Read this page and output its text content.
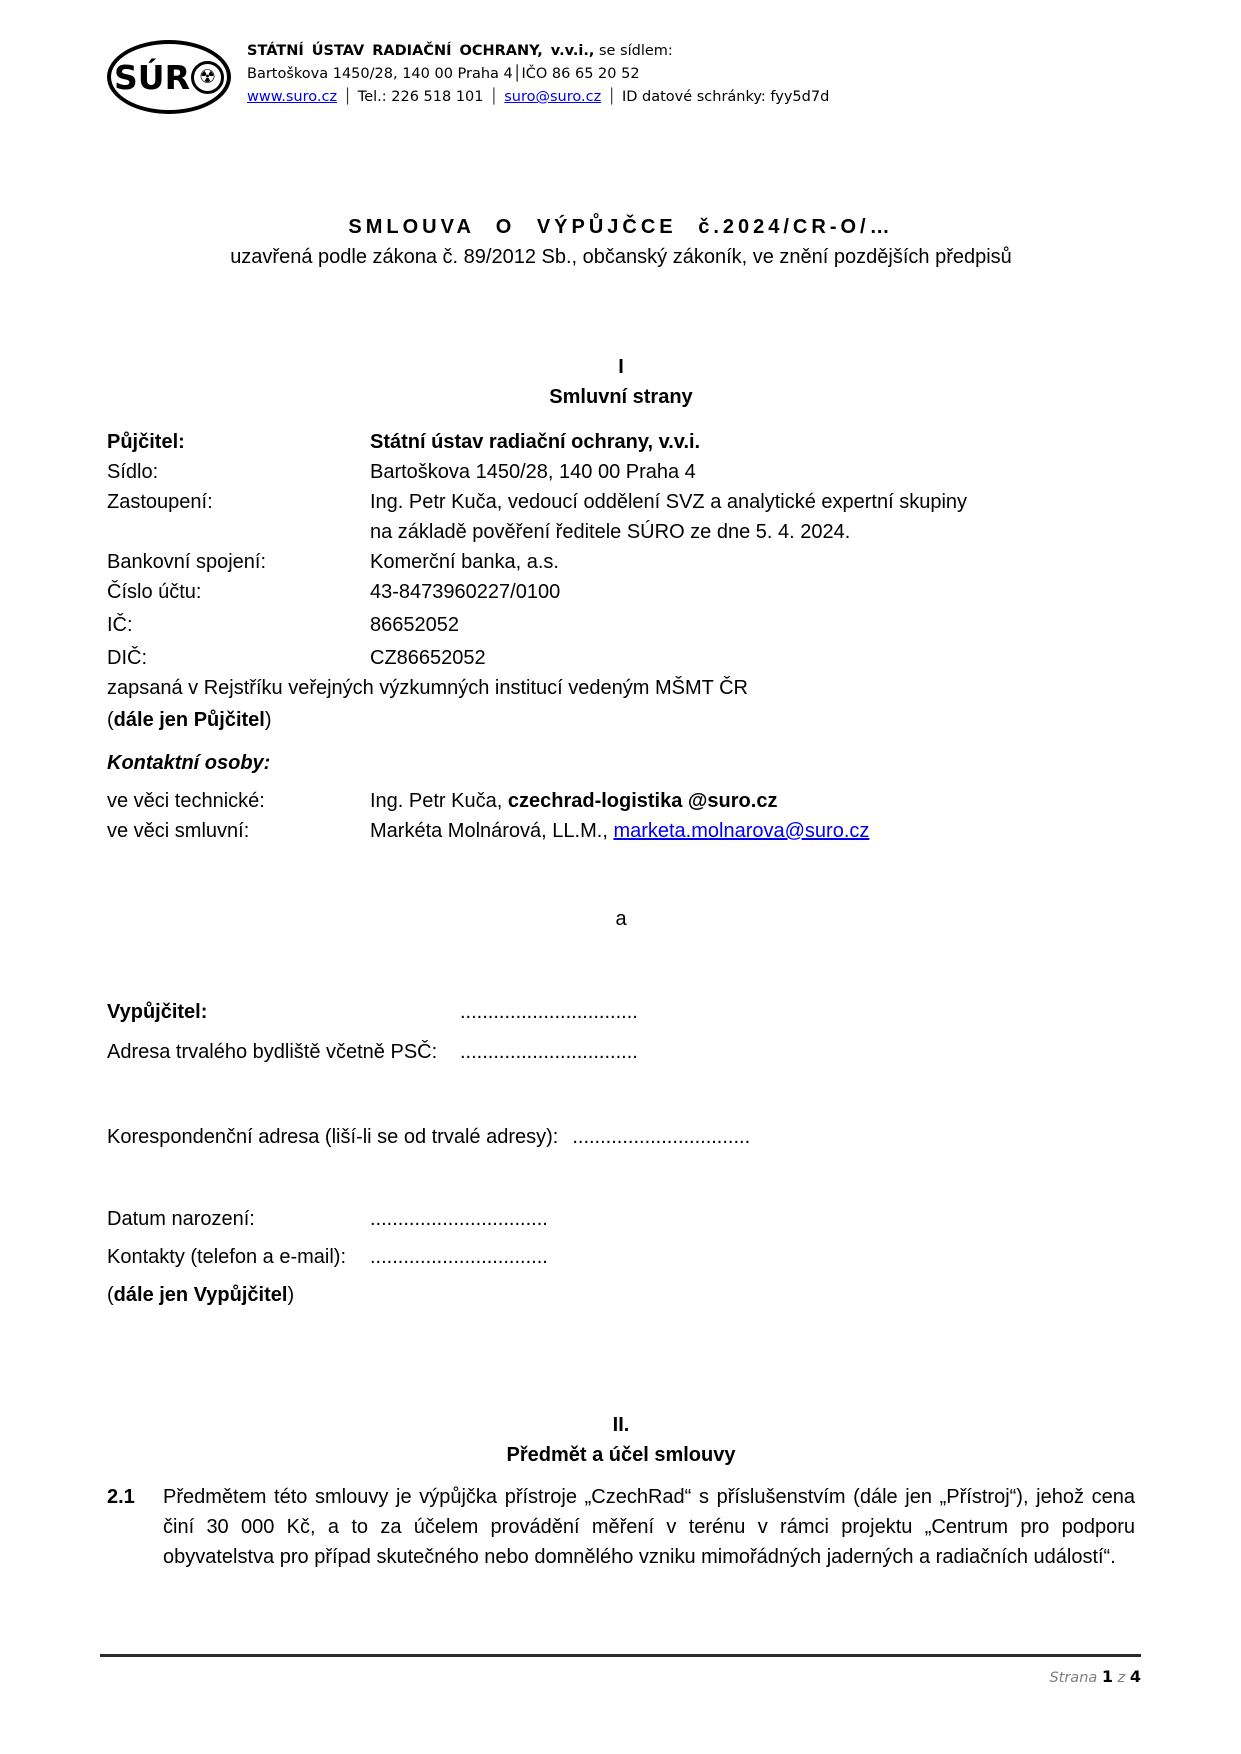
SÚR ☢
STÁTNÍ ÚSTAV RADIAČNÍ OCHRANY, v.v.i., se sídlem:
Bartoškova 1450/28, 140 00 Praha 4│IČO 86 65 20 52
www.suro.cz │ Tel.: 226 518 101 │ suro@suro.cz │ ID datové schránky: fyy5d7d
SMLOUVA O VÝPŮJČCE č.2024/CR-O/…
uzavřená podle zákona č. 89/2012 Sb., občanský zákoník, ve znění pozdějších předpisů
I
Smluvní strany
Půjčitel:	Státní ústav radiační ochrany, v.v.i.
Sídlo:	Bartoškova 1450/28, 140 00 Praha 4
Zastoupení:	Ing. Petr Kuča, vedoucí oddělení SVZ a analytické expertní skupiny
na základě pověření ředitele SÚRO ze dne 5. 4. 2024.
Bankovní spojení:	Komerční banka, a.s.
Číslo účtu:	43-8473960227/0100
IČ:	86652052
DIČ:	CZ86652052
zapsaná v Rejstříku veřejných výzkumných institucí vedeným MŠMT ČR
(dále jen Půjčitel)
Kontaktní osoby:
ve věci technické:	Ing. Petr Kuča, czechrad-logistika @suro.cz
ve věci smluvní:	Markéta Molnárová, LL.M., marketa.molnarova@suro.cz
a
Vypůjčitel:	................................
Adresa trvalého bydliště včetně PSČ:	................................
Korespondenční adresa (liší-li se od trvalé adresy): ................................
Datum narození:	................................
Kontakty (telefon a e-mail):	................................
(dále jen Vypůjčitel)
II.
Předmět a účel smlouvy
2.1	Předmětem této smlouvy je výpůjčka přístroje „CzechRad“ s příslušenstvím (dále jen „Přístroj“), jehož cena činí 30 000 Kč, a to za účelem provádění měření v terénu v rámci projektu „Centrum pro podporu obyvatelstva pro případ skutečného nebo domnělého vzniku mimořádných jaderných a radiačních událostí“.
Strana 1 z 4
